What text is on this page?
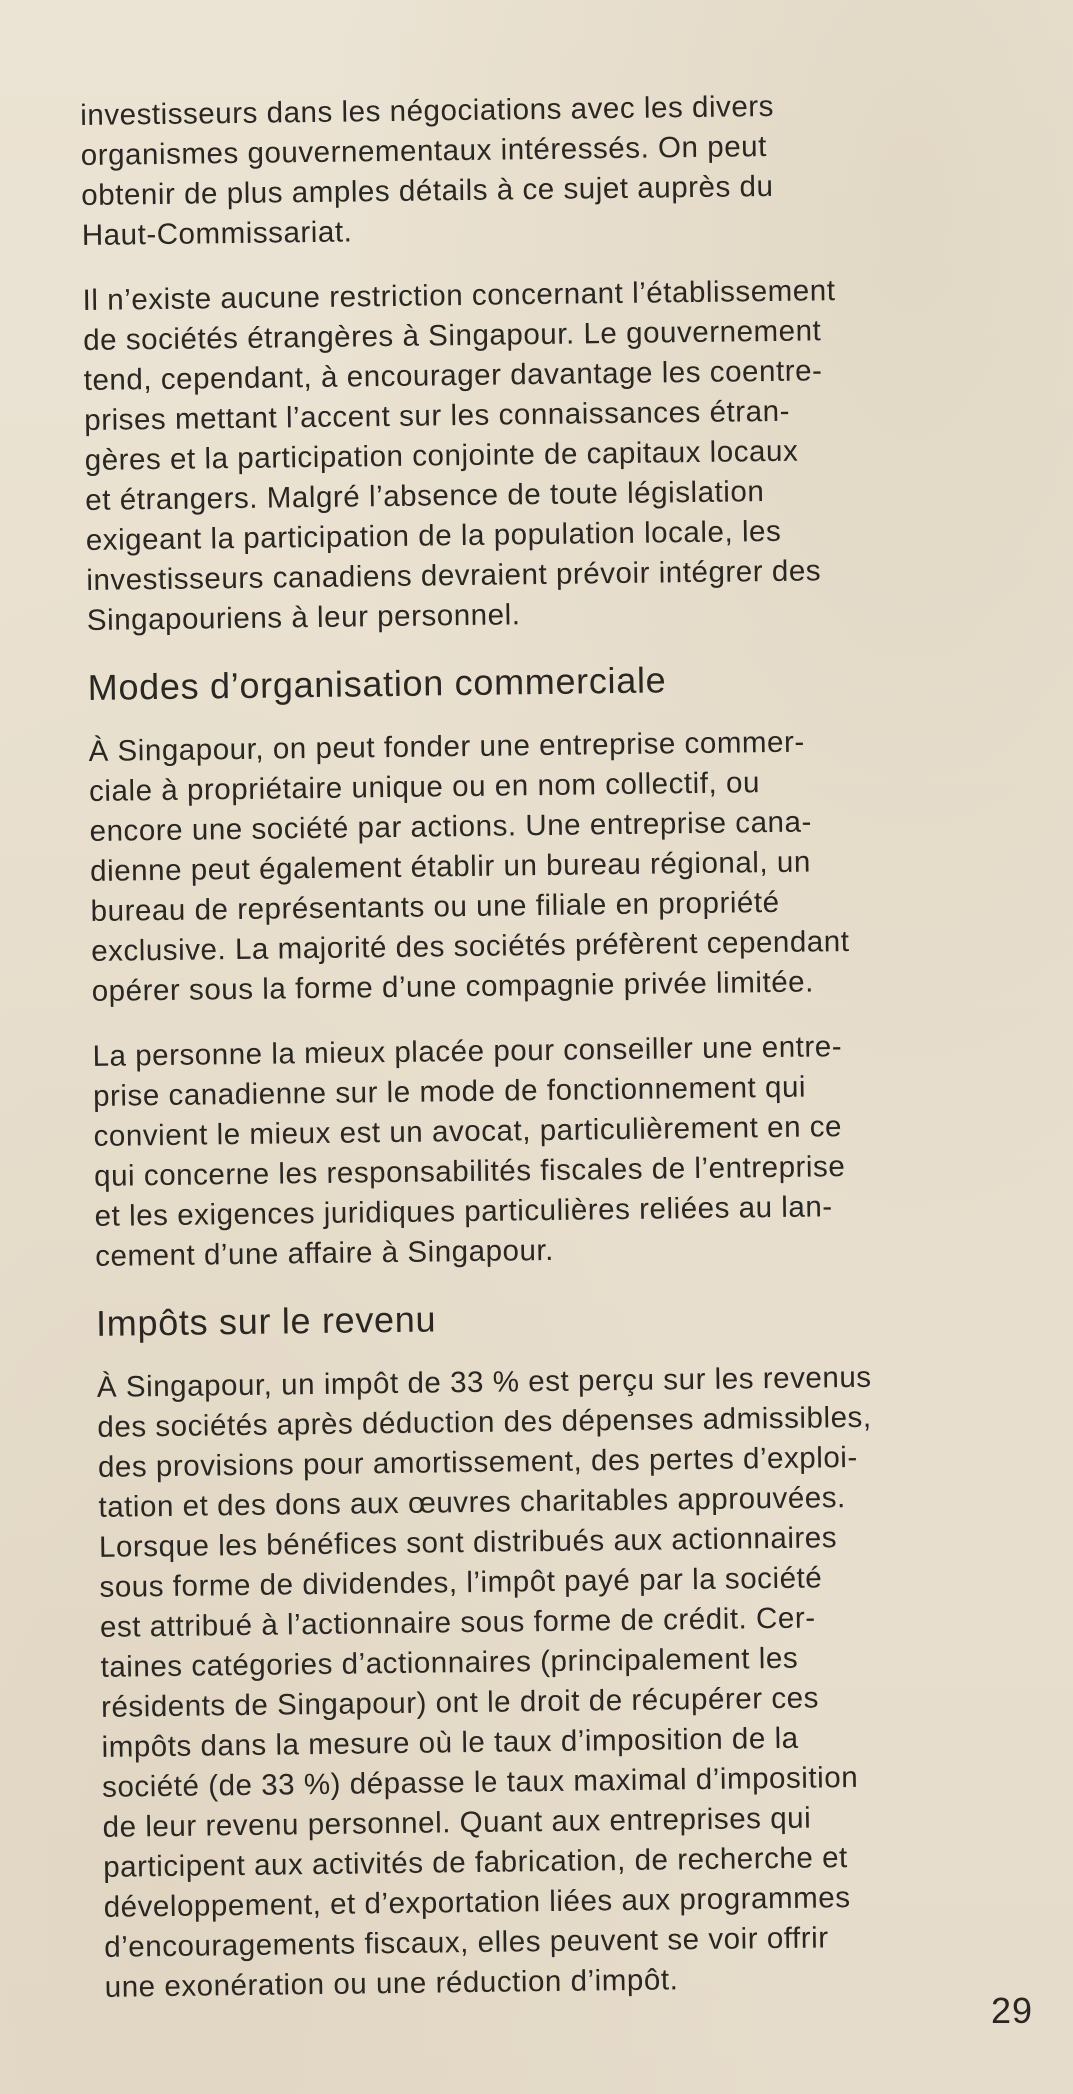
investisseurs dans les négociations avec les divers
organismes gouvernementaux intéressés. On peut
obtenir de plus amples détails à ce sujet auprès du
Haut-Commissariat.
Il n’existe aucune restriction concernant l’établissement
de sociétés étrangères à Singapour. Le gouvernement
tend, cependant, à encourager davantage les coentre-
prises mettant l’accent sur les connaissances étran-
gères et la participation conjointe de capitaux locaux
et étrangers. Malgré l’absence de toute législation
exigeant la participation de la population locale, les
investisseurs canadiens devraient prévoir intégrer des
Singapouriens à leur personnel.
Modes d’organisation commerciale
À Singapour, on peut fonder une entreprise commer-
ciale à propriétaire unique ou en nom collectif, ou
encore une société par actions. Une entreprise cana-
dienne peut également établir un bureau régional, un
bureau de représentants ou une filiale en propriété
exclusive. La majorité des sociétés préfèrent cependant
opérer sous la forme d’une compagnie privée limitée.
La personne la mieux placée pour conseiller une entre-
prise canadienne sur le mode de fonctionnement qui
convient le mieux est un avocat, particulièrement en ce
qui concerne les responsabilités fiscales de l’entreprise
et les exigences juridiques particulières reliées au lan-
cement d’une affaire à Singapour.
Impôts sur le revenu
À Singapour, un impôt de 33 % est perçu sur les revenus
des sociétés après déduction des dépenses admissibles,
des provisions pour amortissement, des pertes d’exploi-
tation et des dons aux œuvres charitables approuvées.
Lorsque les bénéfices sont distribués aux actionnaires
sous forme de dividendes, l’impôt payé par la société
est attribué à l’actionnaire sous forme de crédit. Cer-
taines catégories d’actionnaires (principalement les
résidents de Singapour) ont le droit de récupérer ces
impôts dans la mesure où le taux d’imposition de la
société (de 33 %) dépasse le taux maximal d’imposition
de leur revenu personnel. Quant aux entreprises qui
participent aux activités de fabrication, de recherche et
développement, et d’exportation liées aux programmes
d’encouragements fiscaux, elles peuvent se voir offrir
une exonération ou une réduction d’impôt.
29
